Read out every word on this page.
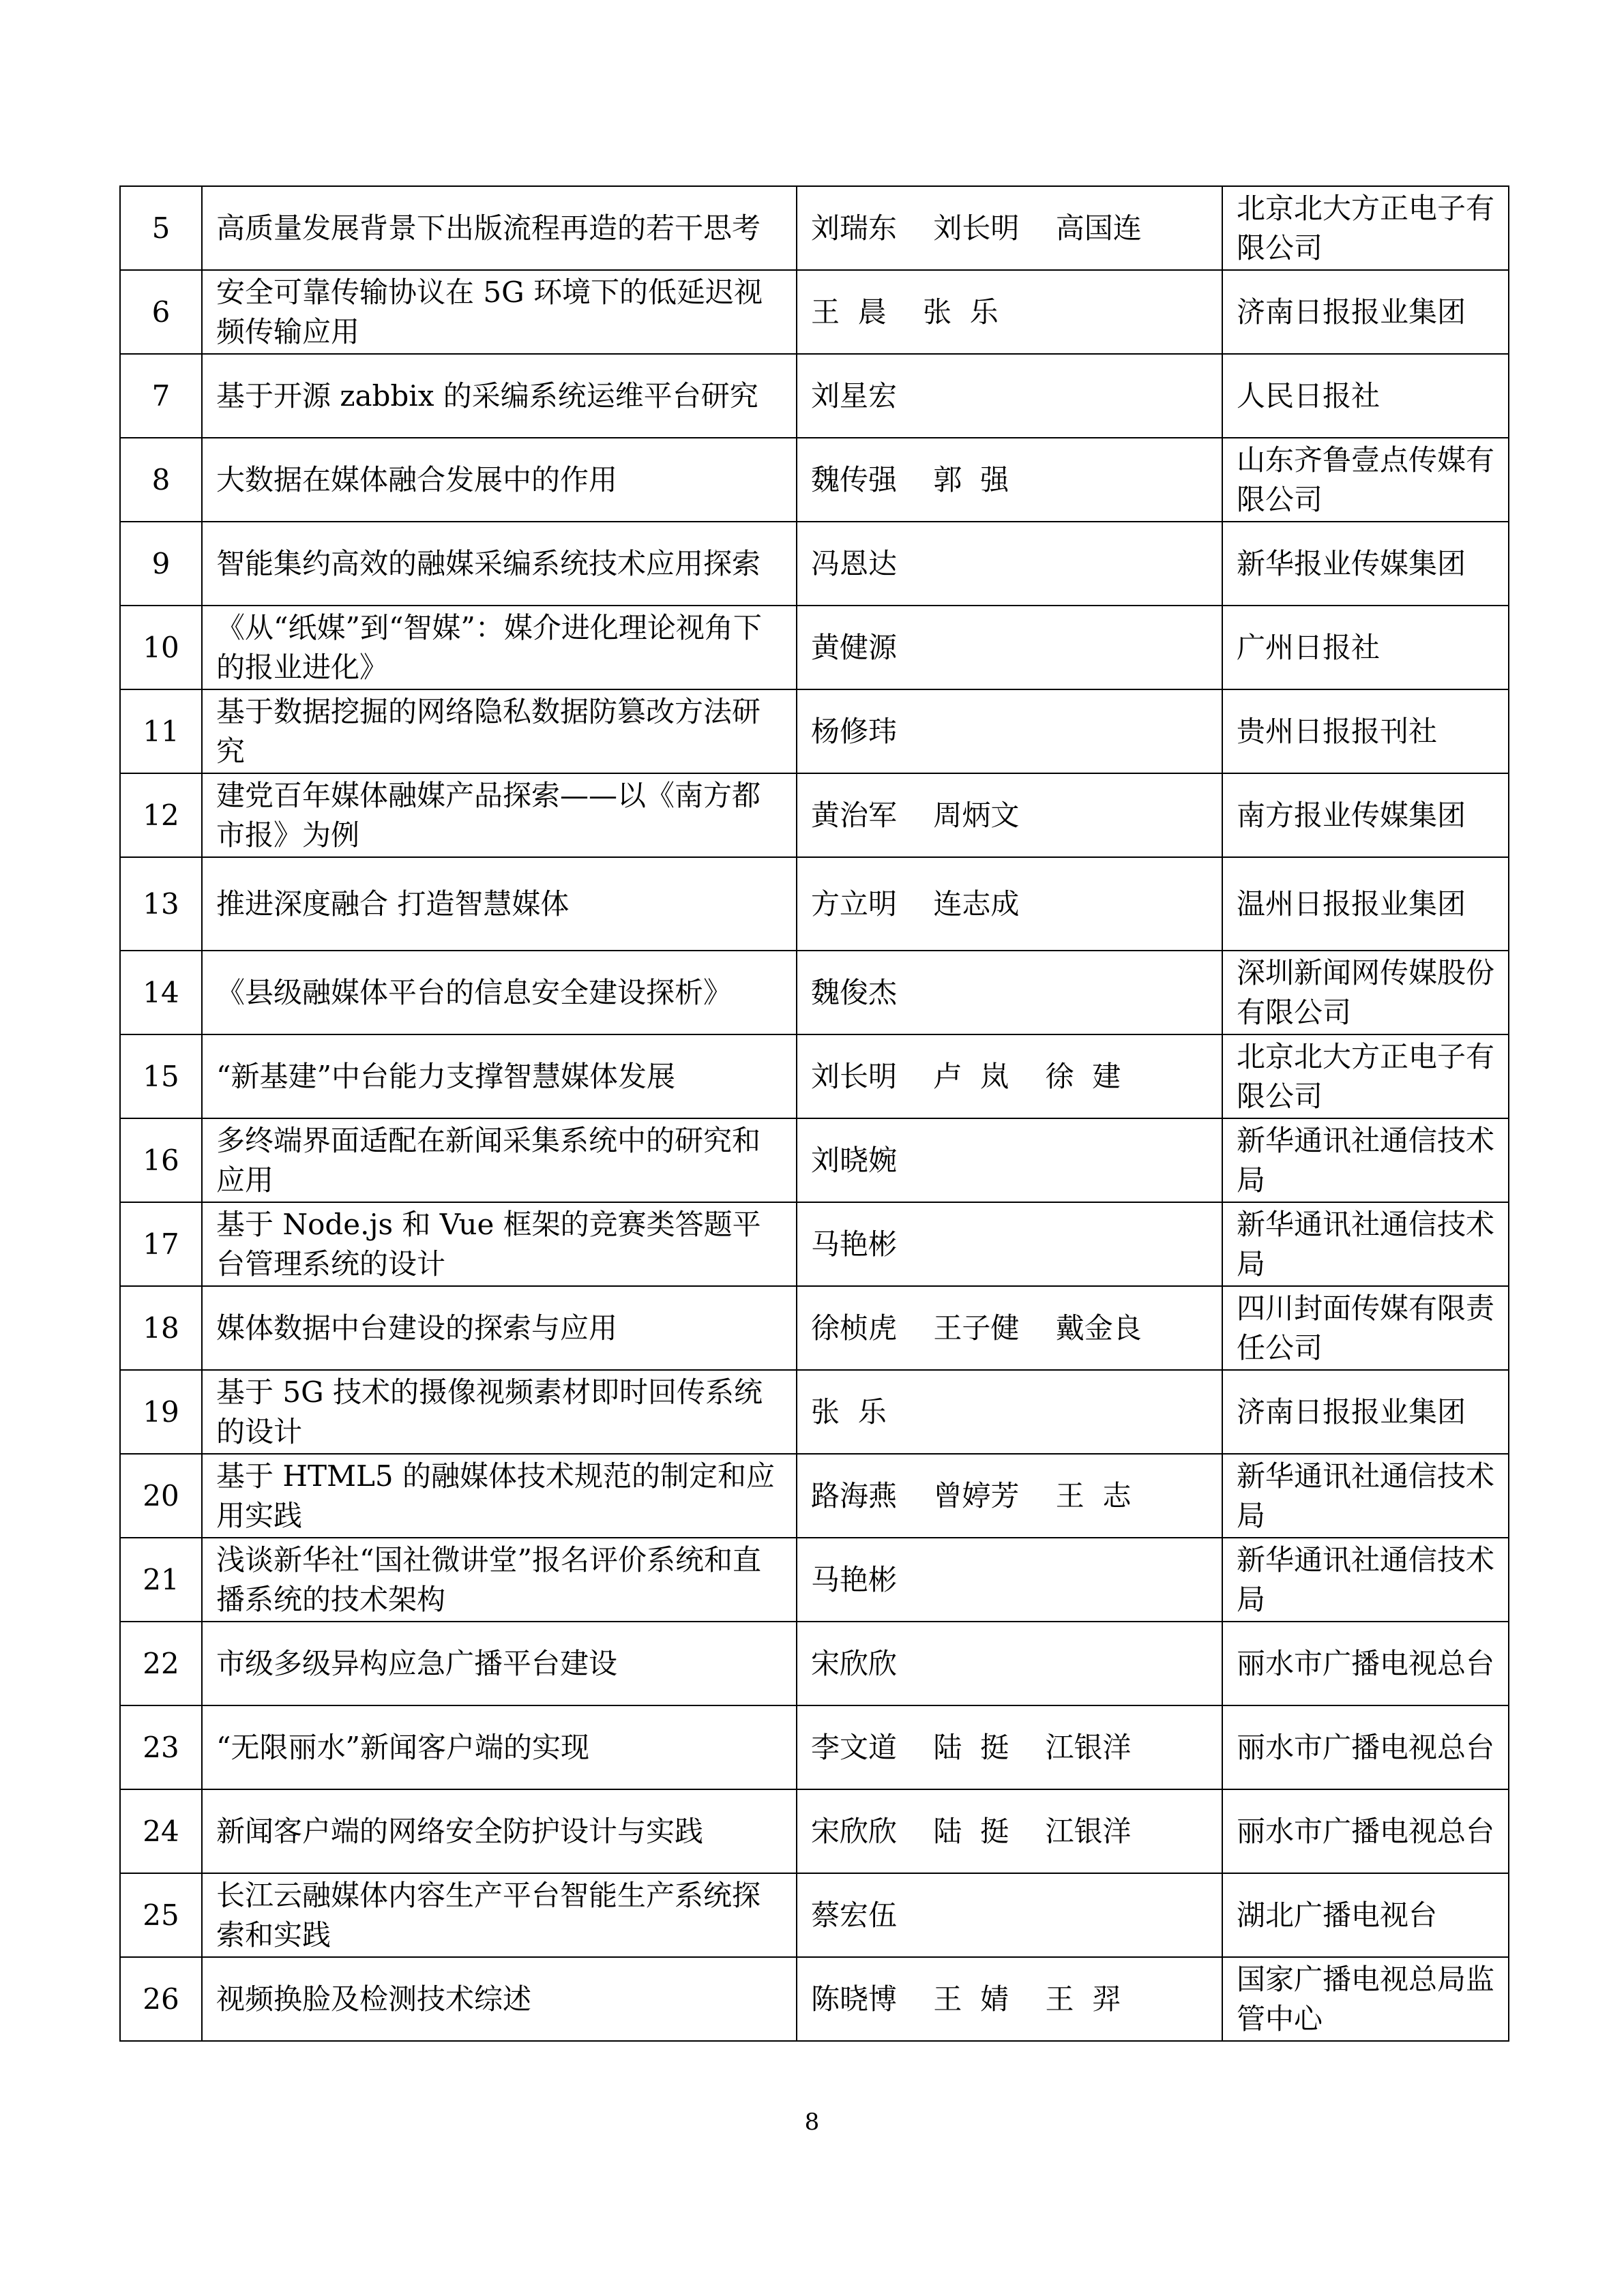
5	高质量发展背景下出版流程再造的若干思考	刘瑞东    刘长明    高国连	北京北大方正电子有限公司
6	安全可靠传输协议在 5G 环境下的低延迟视频传输应用	王  晨    张  乐	济南日报报业集团
7	基于开源 zabbix 的采编系统运维平台研究	刘星宏	人民日报社
8	大数据在媒体融合发展中的作用	魏传强    郭  强	山东齐鲁壹点传媒有限公司
9	智能集约高效的融媒采编系统技术应用探索	冯恩达	新华报业传媒集团
10	《从“纸媒”到“智媒”：媒介进化理论视角下的报业进化》	黄健源	广州日报社
11	基于数据挖掘的网络隐私数据防篡改方法研究	杨修玮	贵州日报报刊社
12	建党百年媒体融媒产品探索——以《南方都市报》为例	黄治军    周炳文	南方报业传媒集团
13	推进深度融合 打造智慧媒体	方立明    连志成	温州日报报业集团
14	《县级融媒体平台的信息安全建设探析》	魏俊杰	深圳新闻网传媒股份有限公司
15	“新基建”中台能力支撑智慧媒体发展	刘长明    卢  岚    徐  建	北京北大方正电子有限公司
16	多终端界面适配在新闻采集系统中的研究和应用	刘晓婉	新华通讯社通信技术局
17	基于 Node.js 和 Vue 框架的竞赛类答题平台管理系统的设计	马艳彬	新华通讯社通信技术局
18	媒体数据中台建设的探索与应用	徐桢虎    王子健    戴金良	四川封面传媒有限责任公司
19	基于 5G 技术的摄像视频素材即时回传系统的设计	张  乐	济南日报报业集团
20	基于 HTML5 的融媒体技术规范的制定和应用实践	路海燕    曾婷芳    王  志	新华通讯社通信技术局
21	浅谈新华社“国社微讲堂”报名评价系统和直播系统的技术架构	马艳彬	新华通讯社通信技术局
22	市级多级异构应急广播平台建设	宋欣欣	丽水市广播电视总台
23	“无限丽水”新闻客户端的实现	李文道    陆  挺    江银洋	丽水市广播电视总台
24	新闻客户端的网络安全防护设计与实践	宋欣欣    陆  挺    江银洋	丽水市广播电视总台
25	长江云融媒体内容生产平台智能生产系统探索和实践	蔡宏伍	湖北广播电视台
26	视频换脸及检测技术综述	陈晓博    王  婧    王  羿	国家广播电视总局监管中心
8
